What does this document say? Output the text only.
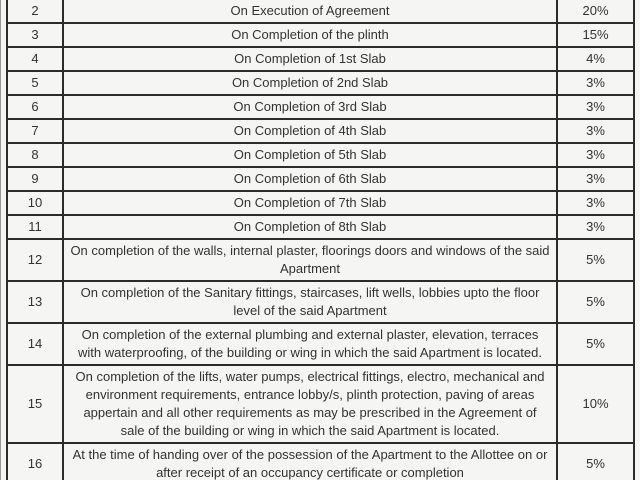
2	On Execution of Agreement	20%
3	On Completion of the plinth	15%
4	On Completion of 1st Slab	4%
5	On Completion of 2nd Slab	3%
6	On Completion of 3rd Slab	3%
7	On Completion of 4th Slab	3%
8	On Completion of 5th Slab	3%
9	On Completion of 6th Slab	3%
10	On Completion of 7th Slab	3%
11	On Completion of 8th Slab	3%
12	On completion of the walls, internal plaster, floorings doors and windows of the said Apartment	5%
13	On completion of the Sanitary fittings, staircases, lift wells, lobbies upto the floor level of the said Apartment	5%
14	On completion of the external plumbing and external plaster, elevation, terraces with waterproofing, of the building or wing in which the said Apartment is located.	5%
15	On completion of the lifts, water pumps, electrical fittings, electro, mechanical and environment requirements, entrance lobby/s, plinth protection, paving of areas appertain and all other requirements as may be prescribed in the Agreement of sale of the building or wing in which the said Apartment is located.	10%
16	At the time of handing over of the possession of the Apartment to the Allottee on or after receipt of an occupancy certificate or completion	5%
